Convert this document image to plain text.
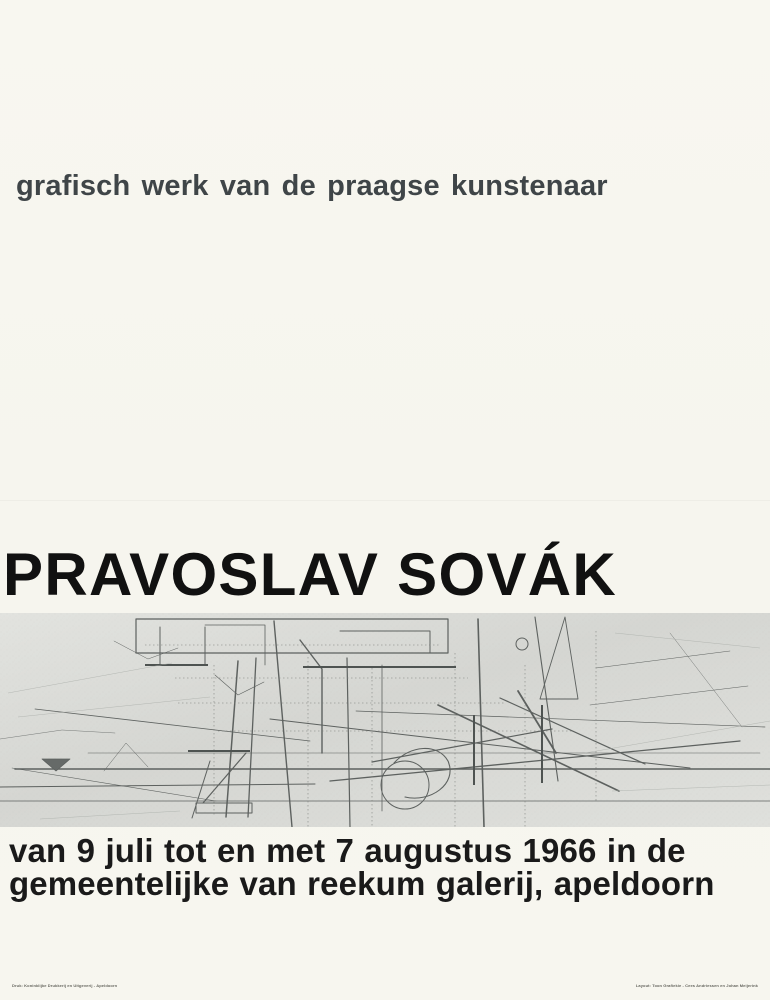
grafisch werk van de praagse kunstenaar
PRAVOSLAV SOVÁK
van 9 juli tot en met 7 augustus 1966 in de
gemeentelijke van reekum galerij, apeldoorn
Druk: Koninklijke Drukkerij en Uitgeverij - Apeldoorn	Layout: Toon Grafiekie - Cees Andriessen en Johan Meijerink
